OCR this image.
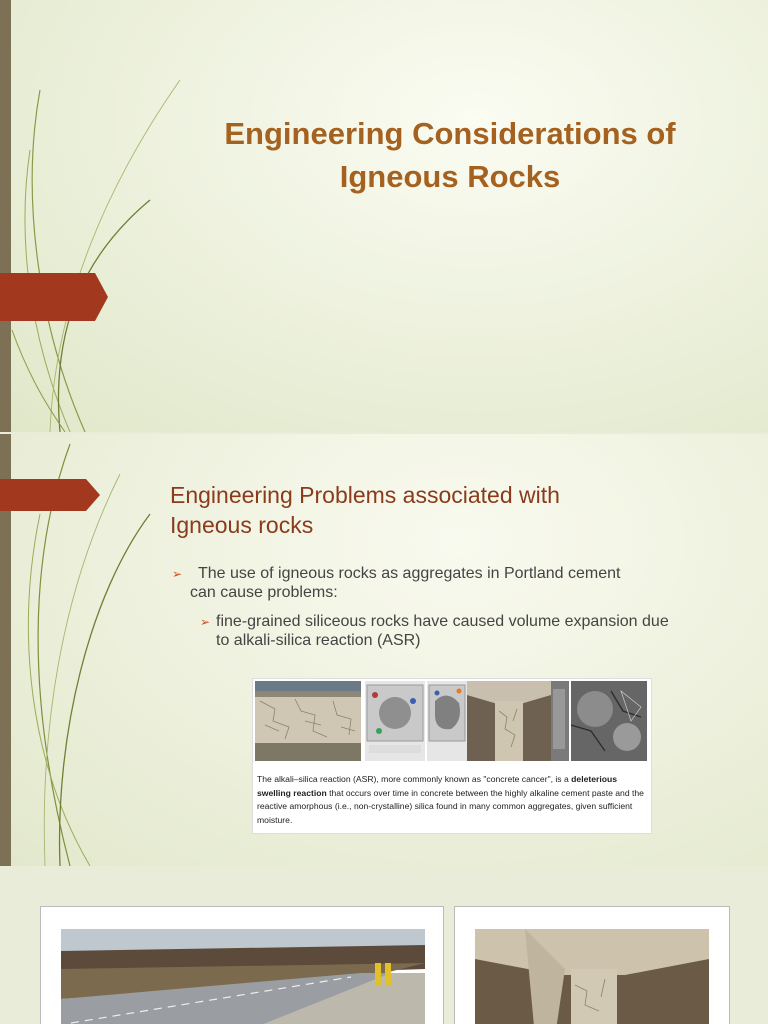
Engineering Considerations of
Igneous Rocks
Engineering Problems associated with
Igneous rocks
➢ The use of igneous rocks as aggregates in Portland cement
can cause problems:
➢ fine-grained siliceous rocks have caused volume expansion due
to alkali-silica reaction (ASR)
The alkali–silica reaction (ASR), more commonly known as "concrete cancer", is a deleterious swelling reaction that occurs over time in concrete between the highly alkaline cement paste and the reactive amorphous (i.e., non-crystalline) silica found in many common aggregates, given sufficient moisture.
